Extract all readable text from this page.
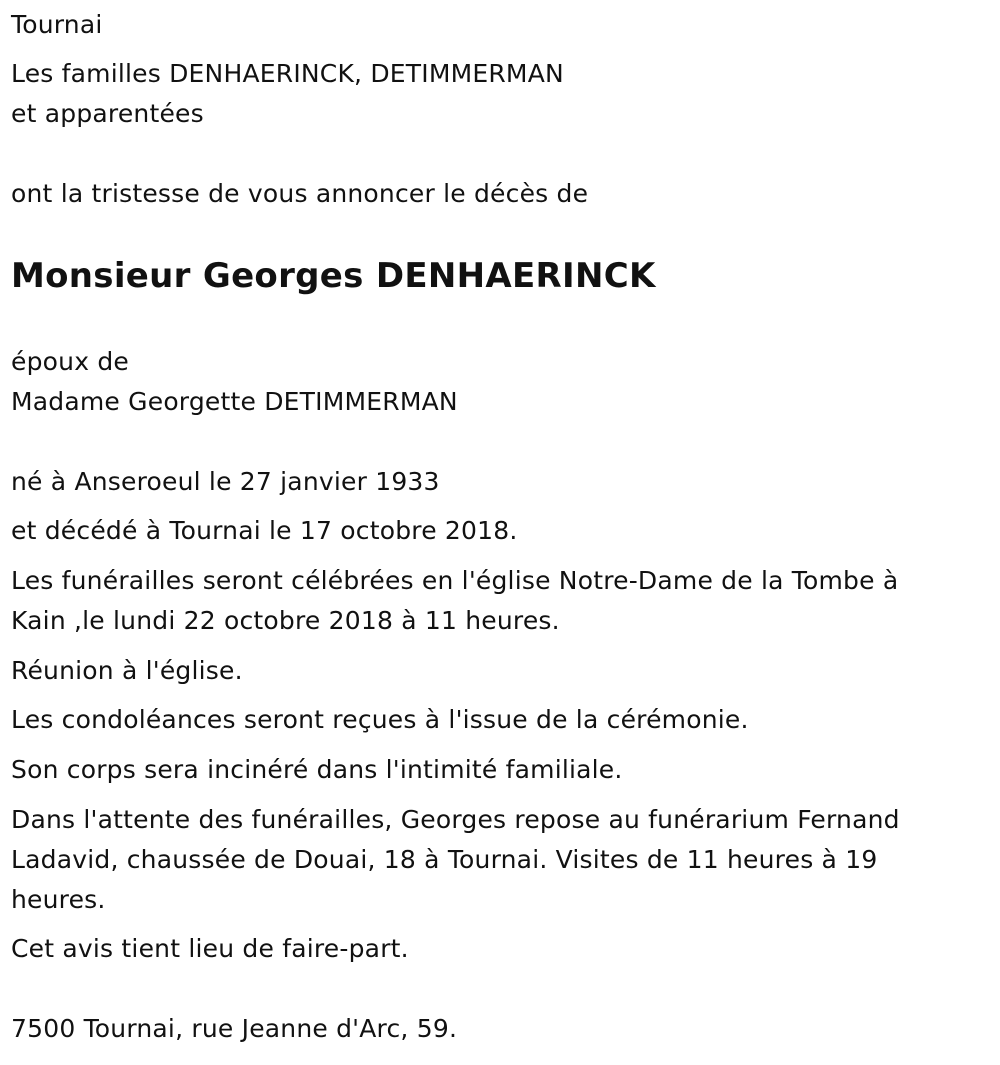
Tournai
Les familles DENHAERINCK, DETIMMERMAN
et apparentées
ont la tristesse de vous annoncer le décès de
Monsieur Georges DENHAERINCK
époux de
Madame Georgette DETIMMERMAN
né à Anseroeul le 27 janvier 1933
et décédé à Tournai le 17 octobre 2018.
Les funérailles seront célébrées en l'église Notre-Dame de la Tombe à
Kain ,le lundi 22 octobre 2018 à 11 heures.
Réunion à l'église.
Les condoléances seront reçues à l'issue de la cérémonie.
Son corps sera incinéré dans l'intimité familiale.
Dans l'attente des funérailles, Georges repose au funérarium Fernand
Ladavid, chaussée de Douai, 18 à Tournai. Visites de 11 heures à 19
heures.
Cet avis tient lieu de faire-part.
7500 Tournai, rue Jeanne d'Arc, 59.
